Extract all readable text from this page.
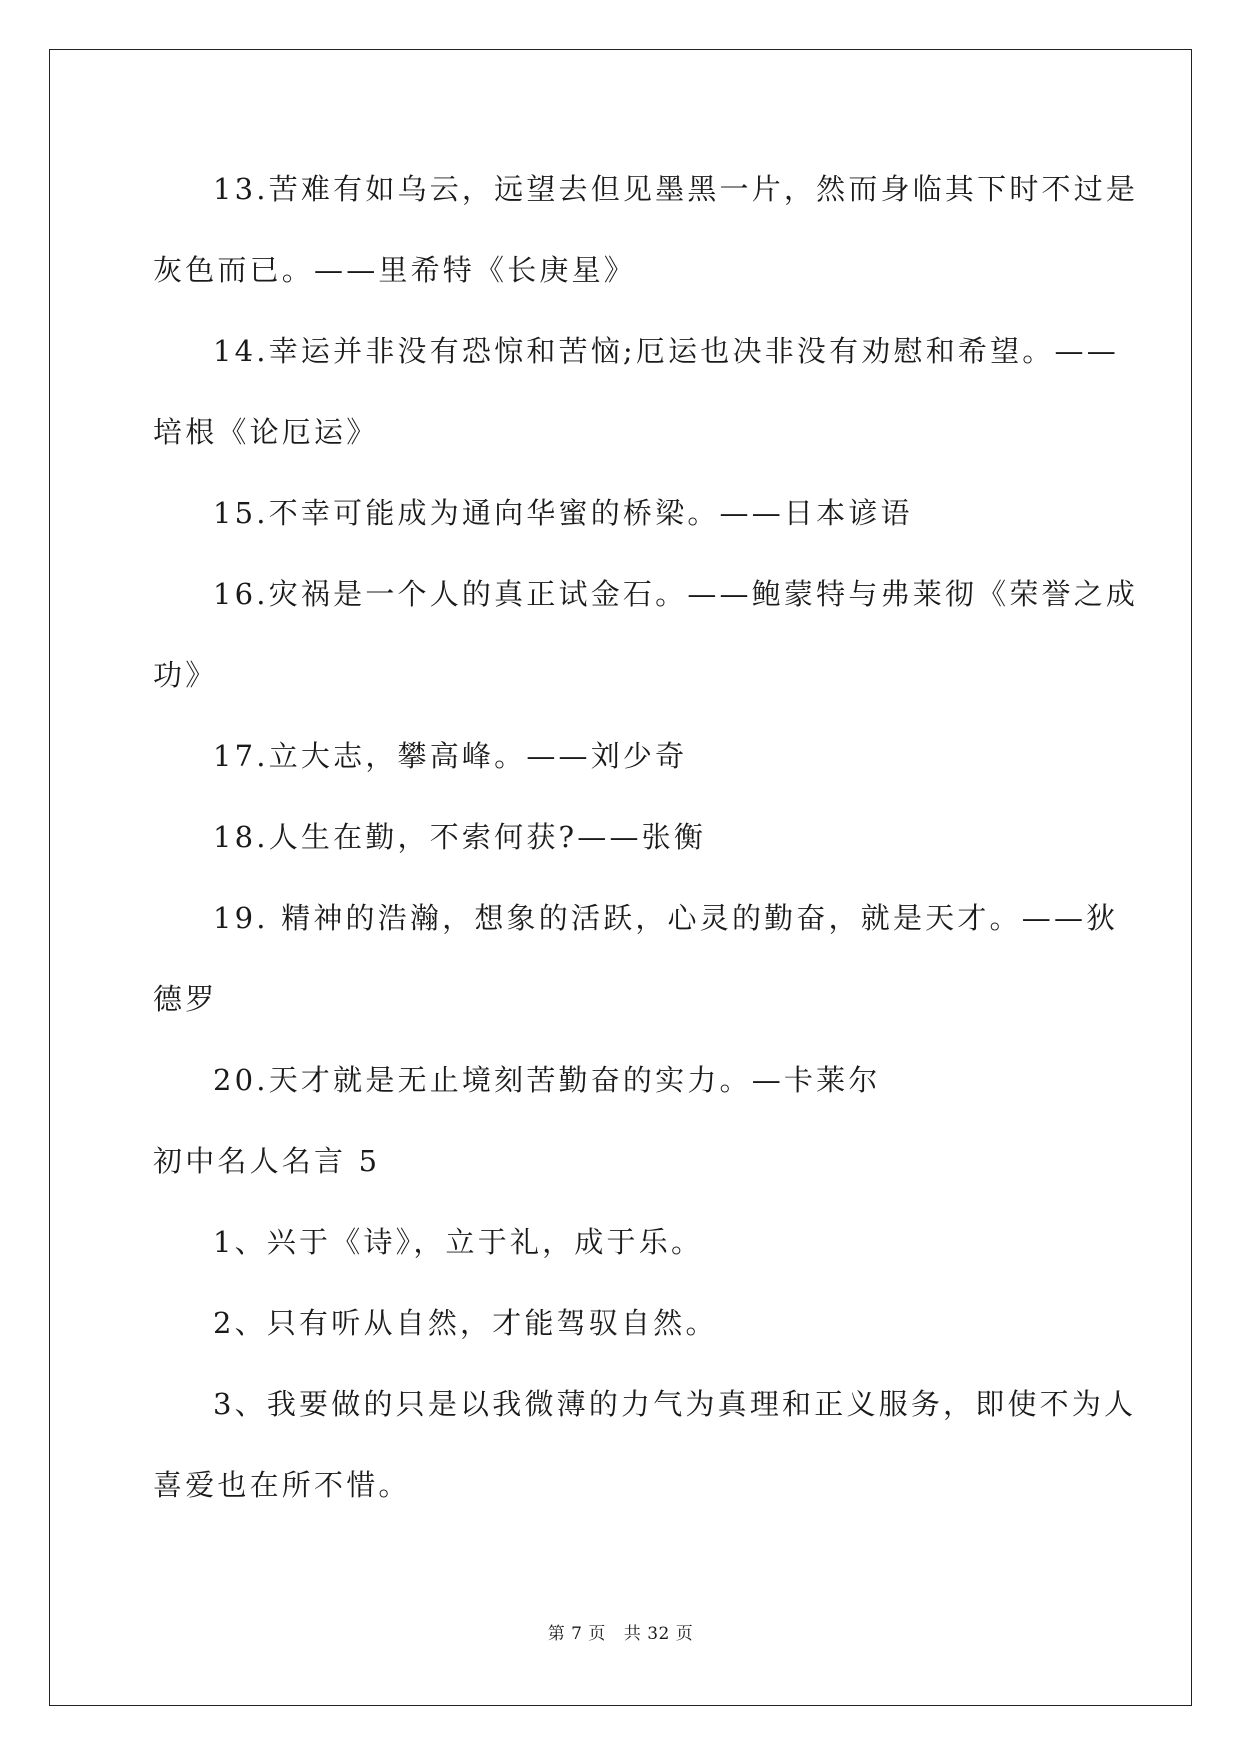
13.苦难有如乌云，远望去但见墨黑一片，然而身临其下时不过是
灰色而已。——里希特《长庚星》
14.幸运并非没有恐惊和苦恼;厄运也决非没有劝慰和希望。——
培根《论厄运》
15.不幸可能成为通向华蜜的桥梁。——日本谚语
16.灾祸是一个人的真正试金石。——鲍蒙特与弗莱彻《荣誉之成
功》
17.立大志，攀高峰。——刘少奇
18.人生在勤，不索何获?——张衡
19. 精神的浩瀚，想象的活跃，心灵的勤奋，就是天才。——狄
德罗
20.天才就是无止境刻苦勤奋的实力。—卡莱尔
初中名人名言 5
1、兴于《诗》，立于礼，成于乐。
2、只有听从自然，才能驾驭自然。
3、我要做的只是以我微薄的力气为真理和正义服务，即使不为人
喜爱也在所不惜。
第 7 页 共 32 页
